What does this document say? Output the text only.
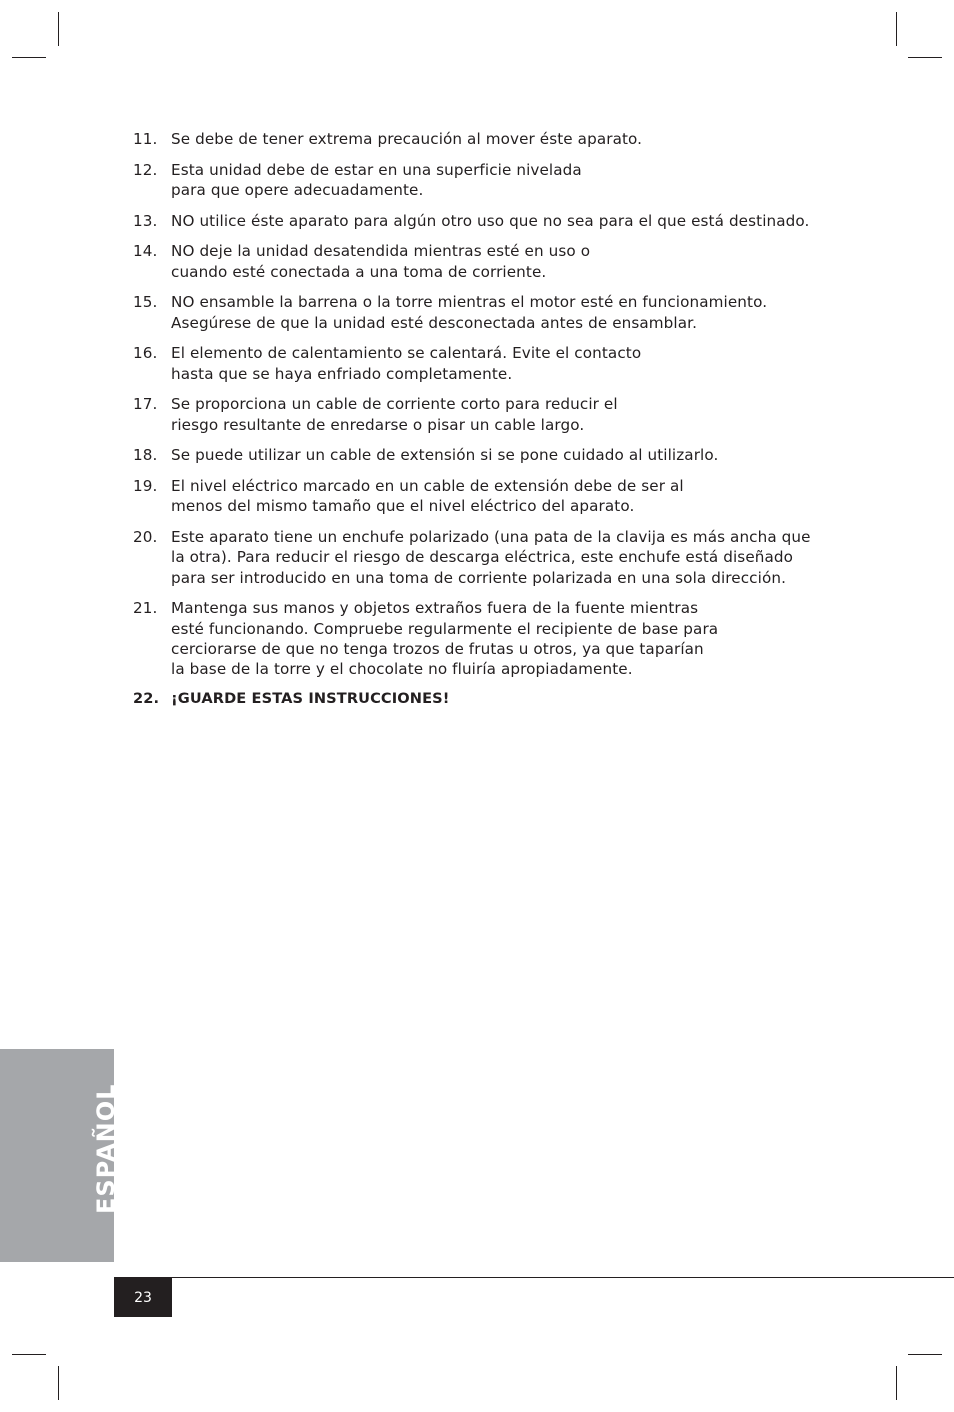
11. Se debe de tener extrema precaución al mover éste aparato.
12. Esta unidad debe de estar en una superficie nivelada
para que opere adecuadamente.
13. NO utilice éste aparato para algún otro uso que no sea para el que está destinado.
14. NO deje la unidad desatendida mientras esté en uso o
cuando esté conectada a una toma de corriente.
15. NO ensamble la barrena o la torre mientras el motor esté en funcionamiento.
Asegúrese de que la unidad esté desconectada antes de ensamblar.
16. El elemento de calentamiento se calentará. Evite el contacto
hasta que se haya enfriado completamente.
17. Se proporciona un cable de corriente corto para reducir el
riesgo resultante de enredarse o pisar un cable largo.
18. Se puede utilizar un cable de extensión si se pone cuidado al utilizarlo.
19. El nivel eléctrico marcado en un cable de extensión debe de ser al
menos del mismo tamaño que el nivel eléctrico del aparato.
20. Este aparato tiene un enchufe polarizado (una pata de la clavija es más ancha que
la otra). Para reducir el riesgo de descarga eléctrica, este enchufe está diseñado
para ser introducido en una toma de corriente polarizada en una sola dirección.
21. Mantenga sus manos y objetos extraños fuera de la fuente mientras
esté funcionando. Compruebe regularmente el recipiente de base para
cerciorarse de que no tenga trozos de frutas u otros, ya que taparían
la base de la torre y el chocolate no fluiría apropiadamente.
22. ¡GUARDE ESTAS INSTRUCCIONES!
ESPAÑOL
23
